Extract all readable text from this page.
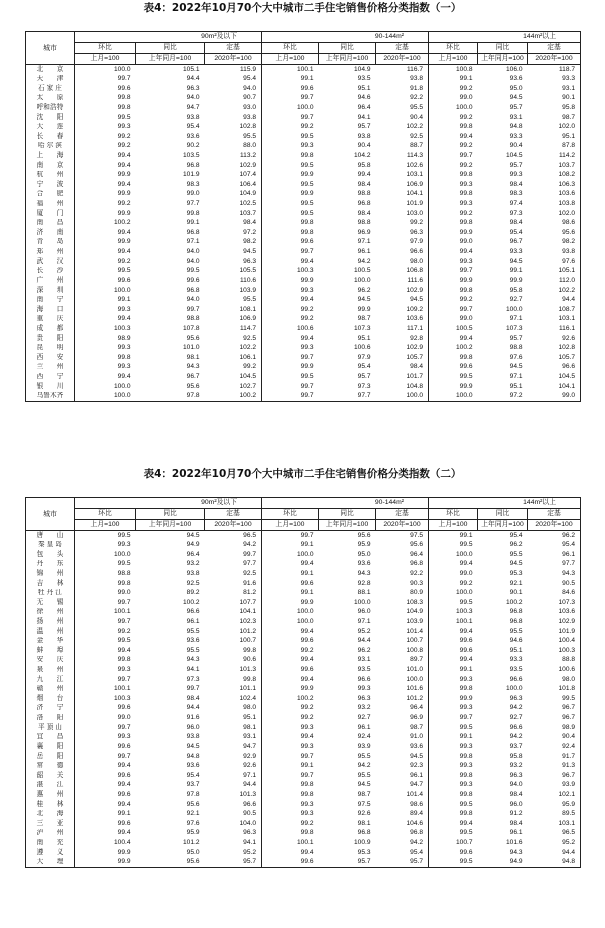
表4：2022年10月70个大中城市二手住宅销售价格分类指数（一）
城市	90m²及以下			90-144m²			144m²以上		
	环比	同比	定基	环比	同比	定基	环比	同比	定基
	上月=100	上年同月=100	2020年=100	上月=100	上年同月=100	2020年=100	上月=100	上年同月=100	2020年=100
北　　京	100.0	105.1	115.9	100.1	104.9	116.7	100.8	106.0	118.7
天　　津	99.7	94.4	95.4	99.1	93.5	93.8	99.1	93.6	93.3
石 家 庄	99.6	96.3	94.0	99.6	95.1	91.8	99.2	95.0	93.1
太　　原	99.8	94.0	90.7	99.7	94.6	92.2	99.0	94.5	90.1
呼和浩特	99.8	94.7	93.0	100.0	96.4	95.5	100.0	95.7	95.8
沈　　阳	99.5	93.8	93.8	99.7	94.1	90.4	99.2	93.1	98.7
大　　连	99.3	95.4	102.8	99.2	95.7	102.2	99.8	94.8	102.0
长　　春	99.2	93.6	95.5	99.5	93.8	92.5	99.4	93.3	95.1
哈 尔 滨	99.2	90.2	88.0	99.3	90.4	88.7	99.2	90.4	87.8
上　　海	99.4	103.5	113.2	99.8	104.2	114.3	99.7	104.5	114.2
南　　京	99.4	96.8	102.9	99.5	95.8	102.6	99.2	95.7	103.7
杭　　州	99.9	101.9	107.4	99.9	99.4	103.1	99.8	99.3	108.2
宁　　波	99.4	98.3	106.4	99.5	98.4	106.9	99.3	98.4	106.3
合　　肥	99.9	99.0	104.9	99.9	98.8	104.1	99.8	98.3	103.6
福　　州	99.2	97.7	102.5	99.5	96.8	101.9	99.3	97.4	103.8
厦　　门	99.9	99.8	103.7	99.5	98.4	103.0	99.2	97.3	102.0
南　　昌	100.2	99.1	98.4	99.8	98.8	99.2	99.8	98.4	98.6
济　　南	99.4	96.8	97.2	99.8	96.9	96.3	99.9	95.4	95.6
青　　岛	99.9	97.1	98.2	99.6	97.1	97.9	99.0	96.7	98.2
郑　　州	99.4	94.0	94.5	99.7	96.1	96.6	99.4	93.3	93.8
武　　汉	99.2	94.0	96.3	99.4	94.2	98.0	99.3	94.5	97.6
长　　沙	99.5	99.5	105.5	100.3	100.5	106.8	99.7	99.1	105.1
广　　州	99.6	99.6	110.6	99.9	100.0	111.6	99.9	99.9	112.0
深　　圳	100.0	96.8	103.9	99.3	96.2	102.9	99.8	95.8	102.2
南　　宁	99.1	94.0	95.5	99.4	94.5	94.5	99.2	92.7	94.4
海　　口	99.3	99.7	108.1	99.2	99.9	109.2	99.7	100.0	108.7
重　　庆	99.4	98.8	106.9	99.2	98.7	103.6	99.0	97.1	103.1
成　　都	100.3	107.8	114.7	100.6	107.3	117.1	100.5	107.3	116.1
贵　　阳	98.9	95.6	92.5	99.4	95.1	92.8	99.4	95.7	92.6
昆　　明	99.3	101.0	102.2	99.3	100.6	102.9	100.2	98.8	102.8
西　　安	99.8	98.1	106.1	99.7	97.9	105.7	99.8	97.6	105.7
兰　　州	99.3	94.3	99.2	99.9	95.4	98.4	99.6	94.5	96.6
西　　宁	99.4	96.7	104.5	99.5	95.7	101.7	99.5	97.1	104.5
银　　川	100.0	95.6	102.7	99.7	97.3	104.8	99.9	95.1	104.1
乌鲁木齐	100.0	97.8	100.2	99.7	97.7	100.0	100.0	97.2	99.0
表4：2022年10月70个大中城市二手住宅销售价格分类指数（二）
城市	90m²及以下			90-144m²			144m²以上		
	环比	同比	定基	环比	同比	定基	环比	同比	定基
	上月=100	上年同月=100	2020年=100	上月=100	上年同月=100	2020年=100	上月=100	上年同月=100	2020年=100
唐　　山	99.5	94.5	96.5	99.7	95.6	97.5	99.1	95.4	96.2
秦 皇 岛	99.3	94.9	94.2	99.1	95.9	95.6	99.5	96.2	95.4
包　　头	100.0	96.4	99.7	100.0	95.0	96.4	100.0	95.5	96.1
丹　　东	99.5	93.2	97.7	99.4	93.6	96.8	99.4	94.5	97.7
锦　　州	98.8	93.8	92.5	99.1	94.3	92.2	99.0	95.3	94.3
吉　　林	99.8	92.5	91.6	99.6	92.8	90.3	99.2	92.1	90.5
牡 丹 江	99.0	89.2	81.2	99.1	88.1	80.9	100.0	90.1	84.6
无　　锡	99.7	100.2	107.7	99.9	100.0	108.3	99.5	100.2	107.3
徐　　州	100.1	96.6	104.1	100.0	96.0	104.9	100.3	96.8	103.6
扬　　州	99.7	96.1	102.3	100.0	97.1	103.9	100.1	96.8	102.9
温　　州	99.2	95.5	101.2	99.4	95.2	101.4	99.4	95.5	101.9
金　　华	99.5	93.6	100.7	99.6	94.4	100.7	99.6	94.6	100.4
蚌　　埠	99.4	95.5	99.8	99.2	96.2	100.8	99.6	95.1	100.3
安　　庆	99.8	94.3	90.6	99.4	93.1	89.7	99.4	93.3	88.8
泉　　州	99.3	94.1	101.3	99.6	93.5	101.0	99.1	93.5	100.6
九　　江	99.7	97.3	99.8	99.4	96.6	100.0	99.3	96.6	98.0
赣　　州	100.1	99.7	101.1	99.9	99.3	101.6	99.8	100.0	101.8
烟　　台	100.3	98.4	102.4	100.2	96.3	101.2	99.9	96.3	99.5
济　　宁	99.6	94.4	98.0	99.2	93.2	96.4	99.3	94.2	96.7
洛　　阳	99.0	91.6	95.1	99.2	92.7	96.9	99.7	92.7	96.7
平 顶 山	99.7	96.0	98.1	99.3	96.1	98.7	99.5	96.6	98.9
宜　　昌	99.3	93.8	93.1	99.4	92.4	91.0	99.1	94.2	90.4
襄　　阳	99.6	94.5	94.7	99.3	93.9	93.6	99.3	93.7	92.4
岳　　阳	99.7	94.8	92.9	99.7	95.5	94.5	99.8	95.8	91.7
常　　德	99.4	93.6	92.6	99.1	94.2	92.3	99.3	93.2	91.3
韶　　关	99.6	95.4	97.1	99.7	95.5	96.1	99.8	96.3	96.7
湛　　江	99.4	93.7	94.4	99.8	94.5	94.7	99.3	94.0	93.9
惠　　州	99.6	97.8	101.3	99.8	98.7	101.4	99.8	98.4	102.1
桂　　林	99.4	95.6	96.6	99.3	97.5	98.6	99.5	96.0	95.9
北　　海	99.1	92.1	90.5	99.3	92.6	89.4	99.8	91.2	89.5
三　　亚	99.6	97.6	104.0	99.2	98.1	104.6	99.4	98.4	103.1
泸　　州	99.4	95.9	96.3	99.8	96.8	96.8	99.5	96.1	96.5
南　　充	100.4	101.2	94.1	100.1	100.9	94.2	100.7	101.6	95.2
遵　　义	99.9	95.0	95.2	99.4	95.3	95.4	99.6	94.3	94.4
大　　理	99.9	95.6	95.7	99.6	95.7	95.7	99.5	94.9	94.8
